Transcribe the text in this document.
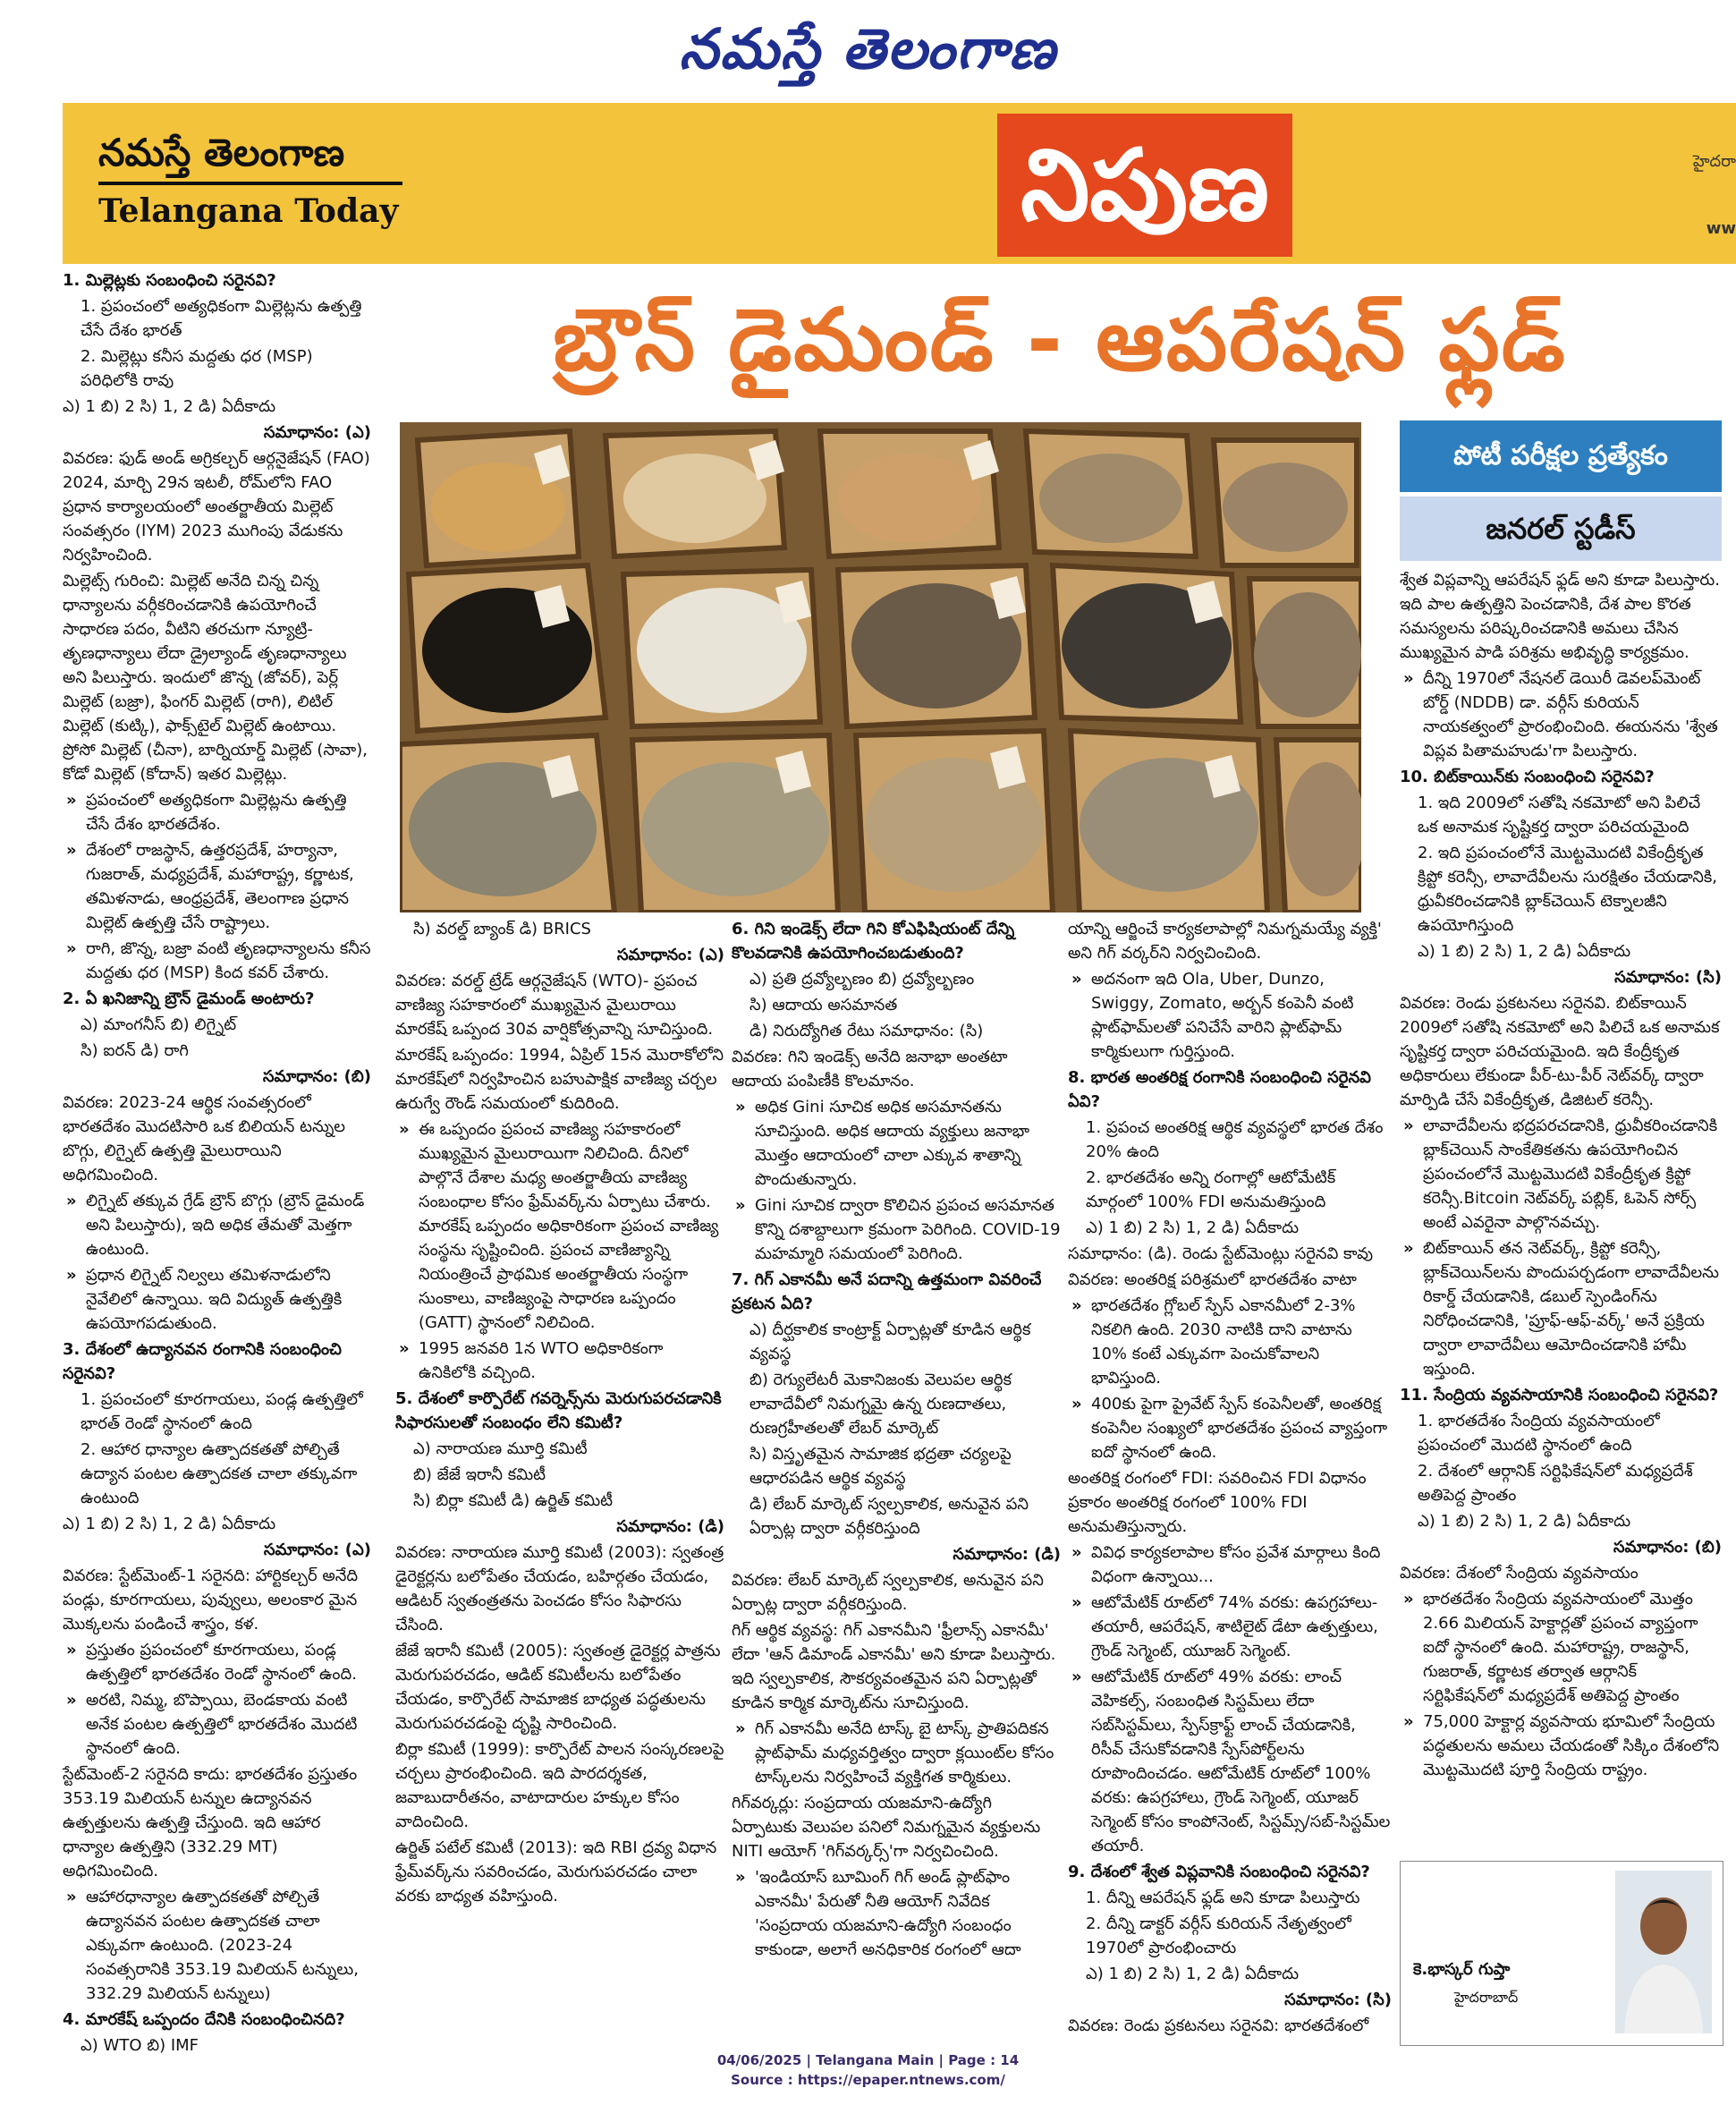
నమస్తే తెలంగాణ
నమస్తే తెలంగాణ
Telangana Today	నిపుణ	హైదరా
ww
బ్రౌన్ డైమండ్ - ఆపరేషన్ ఫ్లడ్
పోటీ పరీక్షల ప్రత్యేకం
జనరల్ స్టడీస్

1. మిల్లెట్లకు సంబంధించి సరైనవి?

1. ప్రపంచంలో అత్యధికంగా మిల్లెట్లను ఉత్పత్తి చేసే దేశం భారత్

2. మిల్లెట్లు కనీస మద్దతు ధర (MSP) పరిధిలోకి రావు

ఎ) 1 బి) 2 సి) 1, 2 డి) ఏదీకాదు

సమాధానం: (ఎ)

వివరణ: ఫుడ్ అండ్ అగ్రికల్చర్ ఆర్గనైజేషన్ (FAO) 2024, మార్చి 29న ఇటలీ, రోమ్‌లోని FAO ప్రధాన కార్యాలయంలో అంతర్జాతీయ మిల్లెట్ సంవత్సరం (IYM) 2023 ముగింపు వేడుకను నిర్వహించింది.

మిల్లెట్స్ గురించి: మిల్లెట్ అనేది చిన్న చిన్న ధాన్యాలను వర్గీకరించడానికి ఉపయోగించే సాధారణ పదం, వీటిని తరచుగా న్యూట్రి-తృణధాన్యాలు లేదా డ్రైల్యాండ్ తృణధాన్యాలు అని పిలుస్తారు. ఇందులో జొన్న (జోవర్), పెర్ల్ మిల్లెట్ (బజ్రా), ఫింగర్ మిల్లెట్ (రాగి), లిటిల్ మిల్లెట్ (కుట్కి), ఫాక్స్‌టైల్ మిల్లెట్ ఉంటాయి. ప్రోసో మిల్లెట్ (చీనా), బార్నియార్డ్ మిల్లెట్ (సావా), కోడో మిల్లెట్ (కోదాన్) ఇతర మిల్లెట్లు.

» ప్రపంచంలో అత్యధికంగా మిల్లెట్లను ఉత్పత్తి చేసే దేశం భారతదేశం.

» దేశంలో రాజస్థాన్, ఉత్తరప్రదేశ్, హర్యానా, గుజరాత్, మధ్యప్రదేశ్, మహారాష్ట్ర, కర్ణాటక, తమిళనాడు, ఆంధ్రప్రదేశ్, తెలంగాణ ప్రధాన మిల్లెట్ ఉత్పత్తి చేసే రాష్ట్రాలు.

» రాగి, జొన్న, బజ్రా వంటి తృణధాన్యాలను కనీస మద్దతు ధర (MSP) కింద కవర్ చేశారు.

2. ఏ ఖనిజాన్ని బ్రౌన్ డైమండ్ అంటారు?

ఎ) మాంగనీస్ బి) లిగ్నైట్

సి) ఐరన్ డి) రాగి

సమాధానం: (బి)

వివరణ: 2023-24 ఆర్థిక సంవత్సరంలో భారతదేశం మొదటిసారి ఒక బిలియన్ టన్నుల బొగ్గు, లిగ్నైట్ ఉత్పత్తి మైలురాయిని అధిగమించింది.

» లిగ్నైట్ తక్కువ గ్రేడ్ బ్రౌన్ బొగ్గు (బ్రౌన్ డైమండ్ అని పిలుస్తారు), ఇది అధిక తేమతో మెత్తగా ఉంటుంది.

» ప్రధాన లిగ్నైట్ నిల్వలు తమిళనాడులోని నైవేలిలో ఉన్నాయి. ఇది విద్యుత్ ఉత్పత్తికి ఉపయోగపడుతుంది.

3. దేశంలో ఉద్యానవన రంగానికి సంబంధించి సరైనవి?

1. ప్రపంచంలో కూరగాయలు, పండ్ల ఉత్పత్తిలో భారత్ రెండో స్థానంలో ఉంది

2. ఆహార ధాన్యాల ఉత్పాదకతతో పోల్చితే ఉద్యాన పంటల ఉత్పాదకత చాలా తక్కువగా ఉంటుంది

ఎ) 1 బి) 2 సి) 1, 2 డి) ఏదీకాదు

సమాధానం: (ఎ)

వివరణ: స్టేట్‌మెంట్-1 సరైనది: హార్టికల్చర్ అనేది పండ్లు, కూరగాయలు, పువ్వులు, అలంకార మైన మొక్కలను పండించే శాస్త్రం, కళ.

» ప్రస్తుతం ప్రపంచంలో కూరగాయలు, పండ్ల ఉత్పత్తిలో భారతదేశం రెండో స్థానంలో ఉంది.

» అరటి, నిమ్మ, బొప్పాయి, బెండకాయ వంటి అనేక పంటల ఉత్పత్తిలో భారతదేశం మొదటి స్థానంలో ఉంది.

స్టేట్‌మెంట్-2 సరైనది కాదు: భారతదేశం ప్రస్తుతం 353.19 మిలియన్ టన్నుల ఉద్యానవన ఉత్పత్తులను ఉత్పత్తి చేస్తుంది. ఇది ఆహార ధాన్యాల ఉత్పత్తిని (332.29 MT) అధిగమించింది.

» ఆహారధాన్యాల ఉత్పాదకతతో పోల్చితే ఉద్యానవన పంటల ఉత్పాదకత చాలా ఎక్కువగా ఉంటుంది. (2023-24 సంవత్సరానికి 353.19 మిలియన్ టన్నులు, 332.29 మిలియన్ టన్నులు)

4. మారకేష్ ఒప్పందం దేనికి సంబంధించినది?

ఎ) WTO బి) IMF

సి) వరల్డ్ బ్యాంక్ డి) BRICS

సమాధానం: (ఎ)

వివరణ: వరల్డ్ ట్రేడ్ ఆర్గనైజేషన్ (WTO)- ప్రపంచ వాణిజ్య సహకారంలో ముఖ్యమైన మైలురాయి మారకేష్ ఒప్పంద 30వ వార్షికోత్సవాన్ని సూచిస్తుంది.

మారకేష్ ఒప్పందం: 1994, ఏప్రిల్ 15న మొరాకోలోని మారకేష్‌లో నిర్వహించిన బహుపాక్షిక వాణిజ్య చర్చల ఉరుగ్వే రౌండ్ సమయంలో కుదిరింది.

» ఈ ఒప్పందం ప్రపంచ వాణిజ్య సహకారంలో ముఖ్యమైన మైలురాయిగా నిలిచింది. దీనిలో పాల్గొనే దేశాల మధ్య అంతర్జాతీయ వాణిజ్య సంబంధాల కోసం ఫ్రేమ్‌వర్క్‌ను ఏర్పాటు చేశారు. మారకేష్ ఒప్పందం అధికారికంగా ప్రపంచ వాణిజ్య సంస్థను సృష్టించింది. ప్రపంచ వాణిజ్యాన్ని నియంత్రించే ప్రాథమిక అంతర్జాతీయ సంస్థగా సుంకాలు, వాణిజ్యంపై సాధారణ ఒప్పందం (GATT) స్థానంలో నిలిచింది.

» 1995 జనవరి 1న WTO అధికారికంగా ఉనికిలోకి వచ్చింది.

5. దేశంలో కార్పొరేట్ గవర్నెన్స్‌ను మెరుగుపరచడానికి సిఫారసులతో సంబంధం లేని కమిటీ?

ఎ) నారాయణ మూర్తి కమిటీ

బి) జేజే ఇరానీ కమిటీ

సి) బిర్లా కమిటీ డి) ఉర్జిత్ కమిటీ

సమాధానం: (డి)

వివరణ: నారాయణ మూర్తి కమిటీ (2003): స్వతంత్ర డైరెక్టర్లను బలోపేతం చేయడం, బహిర్గతం చేయడం, ఆడిటర్ స్వతంత్రతను పెంచడం కోసం సిఫారసు చేసింది.

జేజే ఇరానీ కమిటీ (2005): స్వతంత్ర డైరెక్టర్ల పాత్రను మెరుగుపరచడం, ఆడిట్ కమిటీలను బలోపేతం చేయడం, కార్పొరేట్ సామాజిక బాధ్యత పద్ధతులను మెరుగుపరచడంపై దృష్టి సారించింది.

బిర్లా కమిటీ (1999): కార్పొరేట్ పాలన సంస్కరణలపై చర్చలు ప్రారంభించింది. ఇది పారదర్శకత, జవాబుదారీతనం, వాటాదారుల హక్కుల కోసం వాదించింది.

ఉర్జిత్ పటేల్ కమిటీ (2013): ఇది RBI ద్రవ్య విధాన ఫ్రేమ్‌వర్క్‌ను సవరించడం, మెరుగుపరచడం చాలా వరకు బాధ్యత వహిస్తుంది.

6. గిని ఇండెక్స్ లేదా గిని కోఎఫిషియంట్ దేన్ని కొలవడానికి ఉపయోగించబడుతుంది?

ఎ) ప్రతి ద్రవ్యోల్బణం బి) ద్రవ్యోల్బణం

సి) ఆదాయ అసమానత

డి) నిరుద్యోగిత రేటు సమాధానం: (సి)

వివరణ: గిని ఇండెక్స్ అనేది జనాభా అంతటా ఆదాయ పంపిణీకి కొలమానం.

» అధిక Gini సూచిక అధిక అసమానతను సూచిస్తుంది. అధిక ఆదాయ వ్యక్తులు జనాభా మొత్తం ఆదాయంలో చాలా ఎక్కువ శాతాన్ని పొందుతున్నారు.

» Gini సూచిక ద్వారా కొలిచిన ప్రపంచ అసమానత కొన్ని దశాబ్దాలుగా క్రమంగా పెరిగింది. COVID-19 మహమ్మారి సమయంలో పెరిగింది.

7. గిగ్ ఎకానమీ అనే పదాన్ని ఉత్తమంగా వివరించే ప్రకటన ఏది?

ఎ) దీర్ఘకాలిక కాంట్రాక్ట్ ఏర్పాట్లతో కూడిన ఆర్థిక వ్యవస్థ

బి) రెగ్యులేటరీ మెకానిజంకు వెలుపల ఆర్థిక లావాదేవీలో నిమగ్నమై ఉన్న రుణదాతలు, రుణగ్రహీతలతో లేబర్ మార్కెట్

సి) విస్తృతమైన సామాజిక భద్రతా చర్యలపై ఆధారపడిన ఆర్థిక వ్యవస్థ

డి) లేబర్ మార్కెట్ స్వల్పకాలిక, అనువైన పని ఏర్పాట్ల ద్వారా వర్గీకరిస్తుంది

సమాధానం: (డి)

వివరణ: లేబర్ మార్కెట్ స్వల్పకాలిక, అనువైన పని ఏర్పాట్ల ద్వారా వర్గీకరిస్తుంది.

గిగ్ ఆర్థిక వ్యవస్థ: గిగ్ ఎకానమీని 'ఫ్రీలాన్స్ ఎకానమీ' లేదా 'ఆన్ డిమాండ్ ఎకానమీ' అని కూడా పిలుస్తారు. ఇది స్వల్పకాలిక, సౌకర్యవంతమైన పని ఏర్పాట్లతో కూడిన కార్మిక మార్కెట్‌ను సూచిస్తుంది.

» గిగ్ ఎకానమీ అనేది టాస్క్ బై టాస్క్ ప్రాతిపదికన ప్లాట్‌ఫామ్ మధ్యవర్తిత్వం ద్వారా క్లయింట్‌ల కోసం టాస్క్‌లను నిర్వహించే వ్యక్తిగత కార్మికులు.

గిగ్‌వర్కర్లు: సంప్రదాయ యజమాని-ఉద్యోగి ఏర్పాటుకు వెలుపల పనిలో నిమగ్నమైన వ్యక్తులను NITI ఆయోగ్ 'గిగ్‌వర్కర్స్'గా నిర్వచించింది.

» 'ఇండియాస్ బూమింగ్ గిగ్ అండ్ ప్లాట్‌ఫాం ఎకానమీ' పేరుతో నీతి ఆయోగ్ నివేదిక 'సంప్రదాయ యజమాని-ఉద్యోగి సంబంధం కాకుండా, అలాగే అనధికారిక రంగంలో ఆదా

యాన్ని ఆర్జించే కార్యకలాపాల్లో నిమగ్నమయ్యే వ్యక్తి' అని గిగ్ వర్కర్‌ని నిర్వచించింది.

» అదనంగా ఇది Ola, Uber, Dunzo, Swiggy, Zomato, అర్బన్ కంపెనీ వంటి ప్లాట్‌ఫామ్‌లతో పనిచేసే వారిని ప్లాట్‌ఫామ్ కార్మికులుగా గుర్తిస్తుంది.

8. భారత అంతరిక్ష రంగానికి సంబంధించి సరైనవి ఏవి?

1. ప్రపంచ అంతరిక్ష ఆర్థిక వ్యవస్థలో భారత దేశం 20% ఉంది

2. భారతదేశం అన్ని రంగాల్లో ఆటోమేటిక్ మార్గంలో 100% FDI అనుమతిస్తుంది

ఎ) 1 బి) 2 సి) 1, 2 డి) ఏదీకాదు

సమాధానం: (డి). రెండు స్టేట్‌మెంట్లు సరైనవి కావు

వివరణ: అంతరిక్ష పరిశ్రమలో భారతదేశం వాటా

» భారతదేశం గ్లోబల్ స్పేస్ ఎకానమీలో 2-3% నికలిగి ఉంది. 2030 నాటికి దాని వాటాను 10% కంటే ఎక్కువగా పెంచుకోవాలని భావిస్తుంది.

» 400కు పైగా ప్రైవేట్ స్పేస్ కంపెనీలతో, అంతరిక్ష కంపెనీల సంఖ్యలో భారతదేశం ప్రపంచ వ్యాప్తంగా ఐదో స్థానంలో ఉంది.

అంతరిక్ష రంగంలో FDI: సవరించిన FDI విధానం ప్రకారం అంతరిక్ష రంగంలో 100% FDI అనుమతిస్తున్నారు.

» వివిధ కార్యకలాపాల కోసం ప్రవేశ మార్గాలు కింది విధంగా ఉన్నాయి...

» ఆటోమేటిక్ రూట్‌లో 74% వరకు: ఉపగ్రహాలు-తయారీ, ఆపరేషన్, శాటిలైట్ డేటా ఉత్పత్తులు, గ్రౌండ్ సెగ్మెంట్, యూజర్ సెగ్మెంట్.

» ఆటోమేటిక్ రూట్‌లో 49% వరకు: లాంచ్ వెహికల్స్, సంబంధిత సిస్టమ్‌లు లేదా సబ్‌సిస్టమ్‌లు, స్పేస్‌క్రాఫ్ట్ లాంచ్ చేయడానికి, రిసీవ్ చేసుకోవడానికి స్పేస్‌పోర్ట్‌లను రూపొందించడం. ఆటోమేటిక్ రూట్‌లో 100% వరకు: ఉపగ్రహాలు, గ్రౌండ్ సెగ్మెంట్, యూజర్ సెగ్మెంట్ కోసం కాంపోనెంట్, సిస్టమ్స్/సబ్-సిస్టమ్‌ల తయారీ.

9. దేశంలో శ్వేత విప్లవానికి సంబంధించి సరైనవి?

1. దీన్ని ఆపరేషన్ ఫ్లడ్ అని కూడా పిలుస్తారు

2. దీన్ని డాక్టర్ వర్గీస్ కురియన్ నేతృత్వంలో 1970లో ప్రారంభించారు

ఎ) 1 బి) 2 సి) 1, 2 డి) ఏదీకాదు

సమాధానం: (సి)

వివరణ: రెండు ప్రకటనలు సరైనవి: భారతదేశంలో

శ్వేత విప్లవాన్ని ఆపరేషన్ ఫ్లడ్ అని కూడా పిలుస్తారు. ఇది పాల ఉత్పత్తిని పెంచడానికి, దేశ పాల కొరత సమస్యలను పరిష్కరించడానికి అమలు చేసిన ముఖ్యమైన పాడి పరిశ్రమ అభివృద్ధి కార్యక్రమం.

» దీన్ని 1970లో నేషనల్ డెయిరీ డెవలప్‌మెంట్ బోర్డ్ (NDDB) డా. వర్గీస్ కురియన్ నాయకత్వంలో ప్రారంభించింది. ఈయనను 'శ్వేత విప్లవ పితామహుడు'గా పిలుస్తారు.

10. బిట్‌కాయిన్‌కు సంబంధించి సరైనవి?

1. ఇది 2009లో సతోషి నకమోటో అని పిలిచే ఒక అనామక సృష్టికర్త ద్వారా పరిచయమైంది

2. ఇది ప్రపంచంలోనే మొట్టమొదటి వికేంద్రీకృత క్రిప్టో కరెన్సీ, లావాదేవీలను సురక్షితం చేయడానికి, ధ్రువీకరించడానికి బ్లాక్‌చెయిన్ టెక్నాలజీని ఉపయోగిస్తుంది

ఎ) 1 బి) 2 సి) 1, 2 డి) ఏదీకాదు

సమాధానం: (సి)

వివరణ: రెండు ప్రకటనలు సరైనవి. బిట్‌కాయిన్ 2009లో సతోషి నకమోటో అని పిలిచే ఒక అనామక సృష్టికర్త ద్వారా పరిచయమైంది. ఇది కేంద్రీకృత అధికారులు లేకుండా పీర్-టు-పీర్ నెట్‌వర్క్ ద్వారా మార్పిడి చేసే వికేంద్రీకృత, డిజిటల్ కరెన్సీ.

» లావాదేవీలను భద్రపరచడానికి, ధ్రువీకరించడానికి బ్లాక్‌చెయిన్ సాంకేతికతను ఉపయోగించిన ప్రపంచంలోనే మొట్టమొదటి వికేంద్రీకృత క్రిప్టో కరెన్సీ.Bitcoin నెట్‌వర్క్ పబ్లిక్, ఓపెన్ సోర్స్ అంటే ఎవరైనా పాల్గొనవచ్చు.

» బిట్‌కాయిన్ తన నెట్‌వర్క్, క్రిప్టో కరెన్సీ, బ్లాక్‌చెయిన్‌లను పొందుపర్చడంగా లావాదేవీలను రికార్డ్ చేయడానికి, డబుల్ స్పెండింగ్‌ను నిరోధించడానికి, 'ప్రూఫ్-ఆఫ్-వర్క్' అనే ప్రక్రియ ద్వారా లావాదేవీలు ఆమోదించడానికి హామీ ఇస్తుంది.

11. సేంద్రియ వ్యవసాయానికి సంబంధించి సరైనవి?

1. భారతదేశం సేంద్రియ వ్యవసాయంలో ప్రపంచంలో మొదటి స్థానంలో ఉంది

2. దేశంలో ఆర్గానిక్ సర్టిఫికేషన్‌లో మధ్యప్రదేశ్ అతిపెద్ద ప్రాంతం

ఎ) 1 బి) 2 సి) 1, 2 డి) ఏదీకాదు

సమాధానం: (బి)

వివరణ: దేశంలో సేంద్రియ వ్యవసాయం

» భారతదేశం సేంద్రియ వ్యవసాయంలో మొత్తం 2.66 మిలియన్ హెక్టార్లతో ప్రపంచ వ్యాప్తంగా ఐదో స్థానంలో ఉంది. మహారాష్ట్ర, రాజస్థాన్, గుజరాత్, కర్ణాటక తర్వాత ఆర్గానిక్ సర్టిఫికేషన్‌లో మధ్యప్రదేశ్ అతిపెద్ద ప్రాంతం

» 75,000 హెక్టార్ల వ్యవసాయ భూమిలో సేంద్రియ పద్ధతులను అమలు చేయడంతో సిక్కిం దేశంలోని మొట్టమొదటి పూర్తి సేంద్రియ రాష్ట్రం.

కె.భాస్కర్ గుప్తా
హైదరాబాద్
04/06/2025 | Telangana Main | Page : 14
Source : https://epaper.ntnews.com/
